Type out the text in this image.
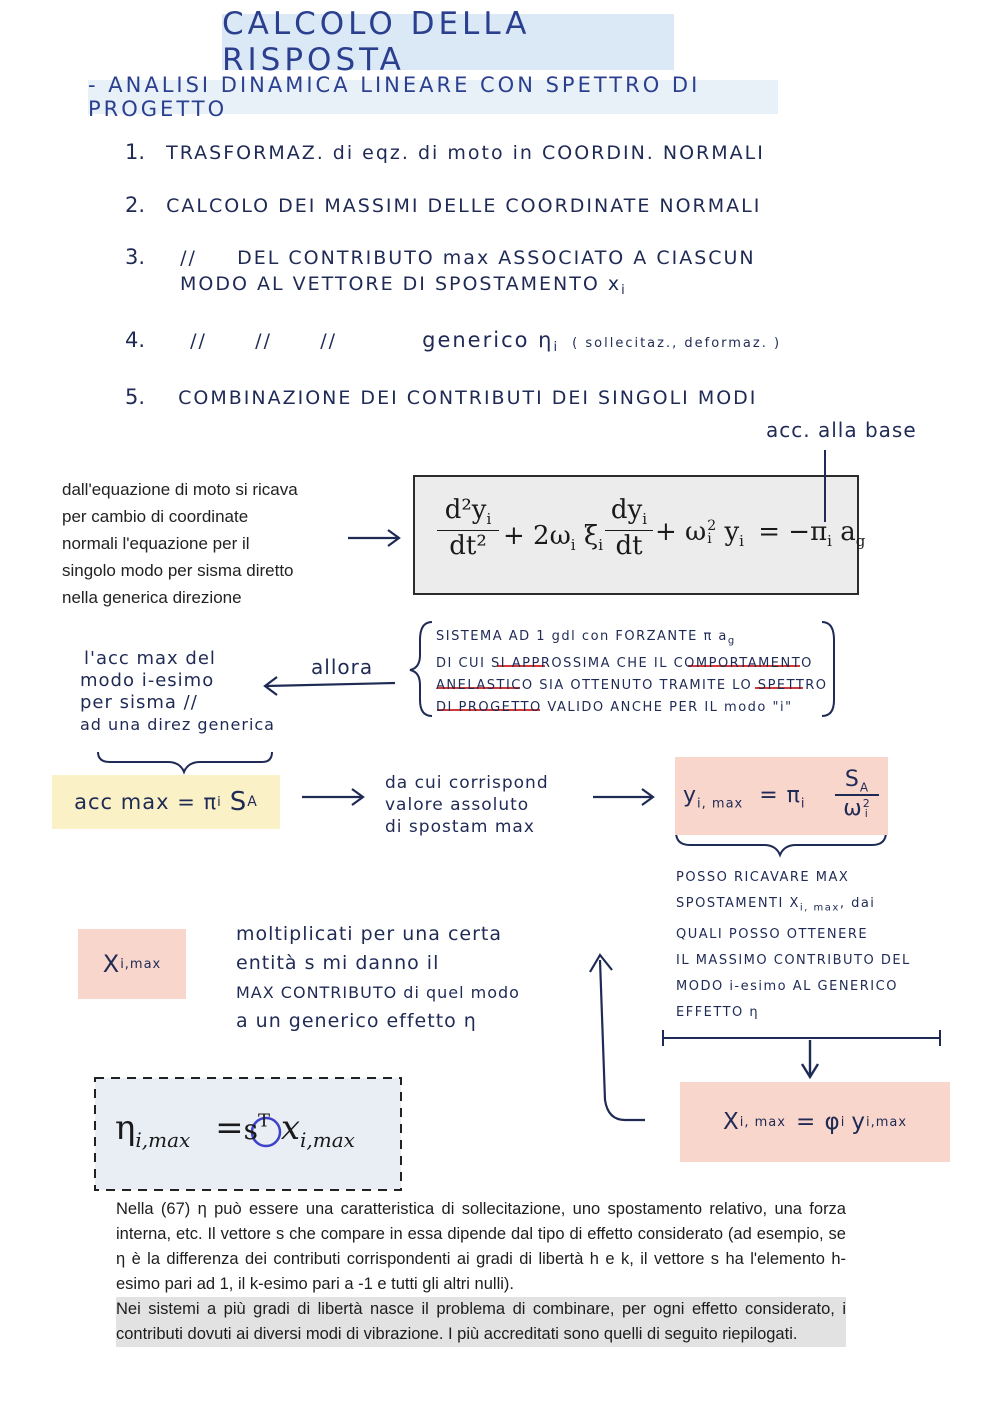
CALCOLO DELLA RISPOSTA
- ANALISI DINAMICA LINEARE CON SPETTRO DI PROGETTO
1. TRASFORMAZ. di eqz. di moto in COORDIN. NORMALI
2. CALCOLO DEI MASSIMI DELLE COORDINATE NORMALI
3. //     DEL CONTRIBUTO max ASSOCIATO A CIASCUN
MODO AL VETTORE DI SPOSTAMENTO $x_i$
4. //      //      //	generico $\eta_i$ ( sollecitaz., deformaz. )
5. COMBINAZIONE DEI CONTRIBUTI DEI SINGOLI MODI
acc. alla base
dall'equazione di moto si ricava
per cambio di coordinate
normali l'equazione per il
singolo modo per sisma diretto
nella generica direzione
$d^2y_i$
$dt^2 + 2\omega_i$ $\xi_i$
$dy_i$
dt + ω 2
i $y_i = -\pi_i$ $a_g$
SISTEMA AD 1 gdl con FORZANTE π $a_g$
DI CUI SI APPROSSIMA CHE IL COMPORTAMENTO
ANELASTICO SIA OTTENUTO TRAMITE LO SPETTRO
DI PROGETTO VALIDO ANCHE PER IL modo "i"
allora
l'acc max del
modo i-esimo
per sisma //
ad una direz generica
acc max = π i S A
da cui corrispond
valore assoluto
di spostam max
$y_{i, max} = \pi_i$
$S_A$
ω 2
i
POSSO RICAVARE MAX
SPOSTAMENTI $X_{i, max}$, dai
QUALI POSSO OTTENERE
IL MASSIMO CONTRIBUTO DEL
MODO i-esimo AL GENERICO
EFFETTO η
X i,max
moltiplicati per una certa
entità s mi danno il
MAX CONTRIBUTO di quel modo
a un generico effetto η
X i, max = φ i y i,max
$\eta_{i,max} =s^T$ $x_{i,max}$
Nella (67) η può essere una caratteristica di sollecitazione, uno spostamento relativo, una forza interna, etc. Il vettore s che compare in essa dipende dal tipo di effetto considerato (ad esempio, se η è la differenza dei contributi corrispondenti ai gradi di libertà h e k, il vettore s ha l'elemento h-esimo pari ad 1, il k-esimo pari a -1 e tutti gli altri nulli).
Nei sistemi a più gradi di libertà nasce il problema di combinare, per ogni effetto considerato, i contributi dovuti ai diversi modi di vibrazione. I più accreditati sono quelli di seguito riepilogati.
